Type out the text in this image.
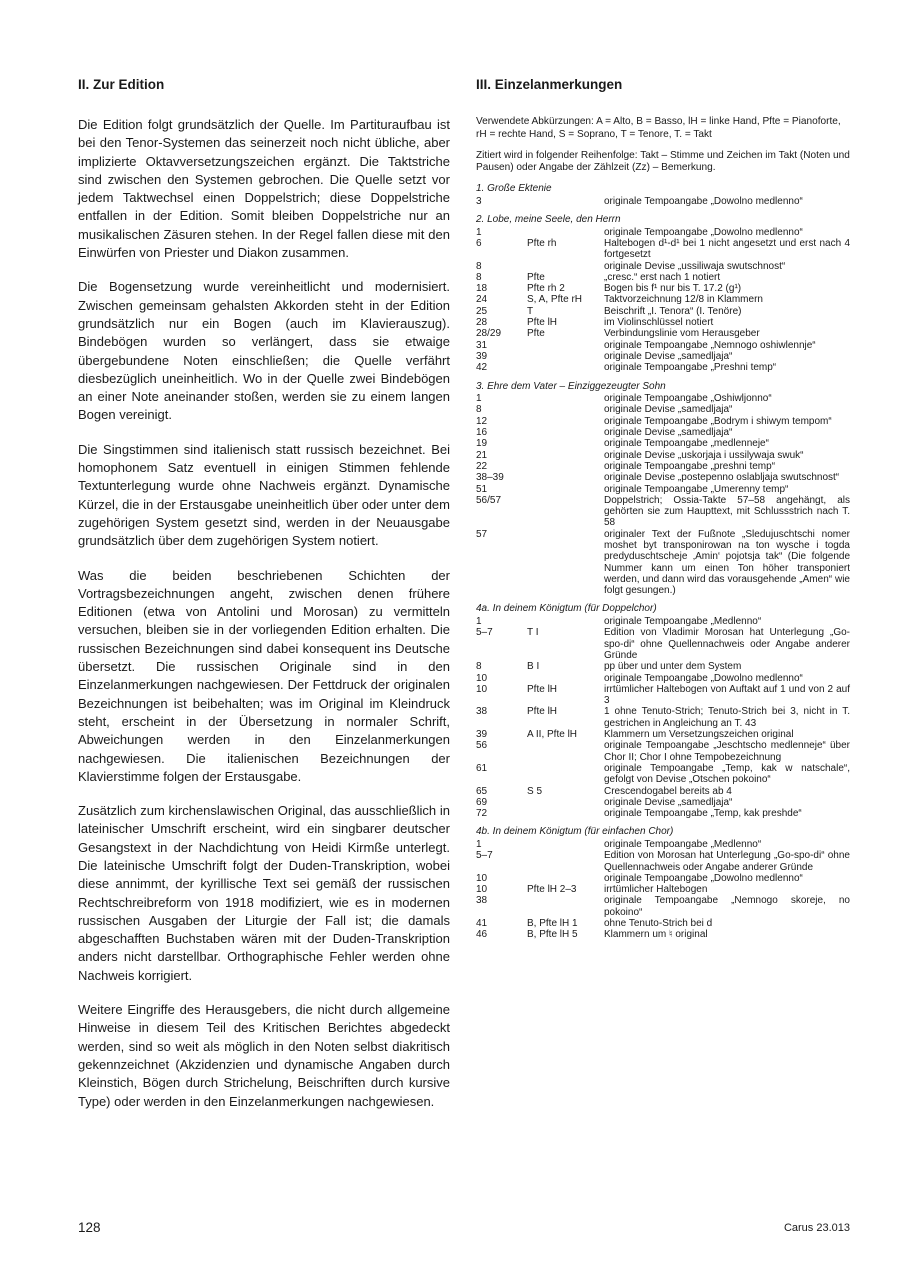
II. Zur Edition

Die Edition folgt grundsätzlich der Quelle. Im Partituraufbau ist bei den Tenor-Systemen das seinerzeit noch nicht übliche, aber implizierte Oktavversetzungszeichen ergänzt. Die Taktstriche sind zwischen den Systemen gebrochen. Die Quelle setzt vor jedem Taktwechsel einen Doppelstrich; diese Doppelstriche entfallen in der Edition. Somit bleiben Doppelstriche nur an musikalischen Zäsuren stehen. In der Regel fallen diese mit den Einwürfen von Priester und Diakon zusammen.

Die Bogensetzung wurde vereinheitlicht und modernisiert. Zwischen gemeinsam gehalsten Akkorden steht in der Edition grundsätzlich nur ein Bogen (auch im Klavierauszug). Bindebögen wurden so verlängert, dass sie etwaige übergebundene Noten einschließen; die Quelle verfährt diesbezüglich uneinheitlich. Wo in der Quelle zwei Bindebögen an einer Note aneinander stoßen, werden sie zu einem langen Bogen vereinigt.

Die Singstimmen sind italienisch statt russisch bezeichnet. Bei homophonem Satz eventuell in einigen Stimmen fehlende Textunterlegung wurde ohne Nachweis ergänzt. Dynamische Kürzel, die in der Erstausgabe uneinheitlich über oder unter dem zugehörigen System gesetzt sind, werden in der Neuausgabe grundsätzlich über dem zugehörigen System notiert.

Was die beiden beschriebenen Schichten der Vortragsbezeichnungen angeht, zwischen denen frühere Editionen (etwa von Antolini und Morosan) zu vermitteln versuchen, bleiben sie in der vorliegenden Edition erhalten. Die russischen Bezeichnungen sind dabei konsequent ins Deutsche übersetzt. Die russischen Originale sind in den Einzelanmerkungen nachgewiesen. Der Fettdruck der originalen Bezeichnungen ist beibehalten; was im Original im Kleindruck steht, erscheint in der Übersetzung in normaler Schrift, Abweichungen werden in den Einzelanmerkungen nachgewiesen. Die italienischen Bezeichnungen der Klavierstimme folgen der Erstausgabe.

Zusätzlich zum kirchenslawischen Original, das ausschließlich in lateinischer Umschrift erscheint, wird ein singbarer deutscher Gesangstext in der Nachdichtung von Heidi Kirmße unterlegt. Die lateinische Umschrift folgt der Duden-Transkription, wobei diese annimmt, der kyrillische Text sei gemäß der russischen Rechtschreibreform von 1918 modifiziert, wie es in modernen russischen Ausgaben der Liturgie der Fall ist; die damals abgeschafften Buchstaben wären mit der Duden-Transkription anders nicht darstellbar. Orthographische Fehler werden ohne Nachweis korrigiert.

Weitere Eingriffe des Herausgebers, die nicht durch allgemeine Hinweise in diesem Teil des Kritischen Berichtes abgedeckt werden, sind so weit als möglich in den Noten selbst diakritisch gekennzeichnet (Akzidenzien und dynamische Angaben durch Kleinstich, Bögen durch Strichelung, Beischriften durch kursive Type) oder werden in den Einzelanmerkungen nachgewiesen.

III. Einzelanmerkungen

Verwendete Abkürzungen: A = Alto, B = Basso, lH = linke Hand, Pfte = Pianoforte, rH = rechte Hand, S = Soprano, T = Tenore, T. = Takt

Zitiert wird in folgender Reihenfolge: Takt – Stimme und Zeichen im Takt (Noten und Pausen) oder Angabe der Zählzeit (Zz) – Bemerkung.

1. Große Ektenie
3	originale Tempoangabe „Dowolno medlenno“
2. Lobe, meine Seele, den Herrn
1	originale Tempoangabe „Dowolno medlenno“
6	Pfte rh	Haltebogen d¹-d¹ bei 1 nicht angesetzt und erst nach 4 fortgesetzt
8	originale Devise „ussiliwaja swutschnost“
8	Pfte	„cresc.“ erst nach 1 notiert
18	Pfte rh 2	Bogen bis f¹ nur bis T. 17.2 (g¹)
24	S, A, Pfte rH	Taktvorzeichnung 12/8 in Klammern
25	T	Beischrift „I. Tenora“ (I. Tenöre)
28	Pfte lH	im Violinschlüssel notiert
28/29	Pfte	Verbindungslinie vom Herausgeber
31	originale Tempoangabe „Nemnogo oshiwlennje“
39	originale Devise „samedljaja“
42	originale Tempoangabe „Preshni temp“
3. Ehre dem Vater – Einziggezeugter Sohn
1	originale Tempoangabe „Oshiwljonno“
8	originale Devise „samedljaja“
12	originale Tempoangabe „Bodrym i shiwym tempom“
16	originale Devise „samedljaja“
19	originale Tempoangabe „medlenneje“
21	originale Devise „uskorjaja i ussilywaja swuk“
22	originale Tempoangabe „preshni temp“
38–39	originale Devise „postepenno oslabljaja swutschnost“
51	originale Tempoangabe „Umerenny temp“
56/57	Doppelstrich; Ossia-Takte 57–58 angehängt, als gehörten sie zum Haupttext, mit Schlussstrich nach T. 58
57	originaler Text der Fußnote „Sledujuschtschi nomer moshet byt transponirowan na ton wysche i togda predyduschtscheje ‚Amin‘ pojotsja tak“ (Die folgende Nummer kann um einen Ton höher transponiert werden, und dann wird das vorausgehende „Amen“ wie folgt gesungen.)
4a. In deinem Königtum (für Doppelchor)
1	originale Tempoangabe „Medlenno“
5–7	T I	Edition von Vladimir Morosan hat Unterlegung „Go-spo-di“ ohne Quellennachweis oder Angabe anderer Gründe
8	B I	pp über und unter dem System
10	originale Tempoangabe „Dowolno medlenno“
10	Pfte lH	irrtümlicher Haltebogen von Auftakt auf 1 und von 2 auf 3
38	Pfte lH	1 ohne Tenuto-Strich; Tenuto-Strich bei 3, nicht in T. gestrichen in Angleichung an T. 43
39	A II, Pfte lH	Klammern um Versetzungszeichen original
56	originale Tempoangabe „Jeschtscho medlenneje“ über Chor II; Chor I ohne Tempobezeichnung
61	originale Tempoangabe „Temp, kak w natschale“, gefolgt von Devise „Otschen pokoino“
65	S 5	Crescendogabel bereits ab 4
69	originale Devise „samedljaja“
72	originale Tempoangabe „Temp, kak preshde“
4b. In deinem Königtum (für einfachen Chor)
1	originale Tempoangabe „Medlenno“
5–7	Edition von Morosan hat Unterlegung „Go-spo-di“ ohne Quellennachweis oder Angabe anderer Gründe
10	originale Tempoangabe „Dowolno medlenno“
10	Pfte lH 2–3	irrtümlicher Haltebogen
38	originale Tempoangabe „Nemnogo skoreje, no pokoino“
41	B, Pfte lH 1	ohne Tenuto-Strich bei d
46	B, Pfte lH 5	Klammern um ♮ original
128	Carus 23.013
